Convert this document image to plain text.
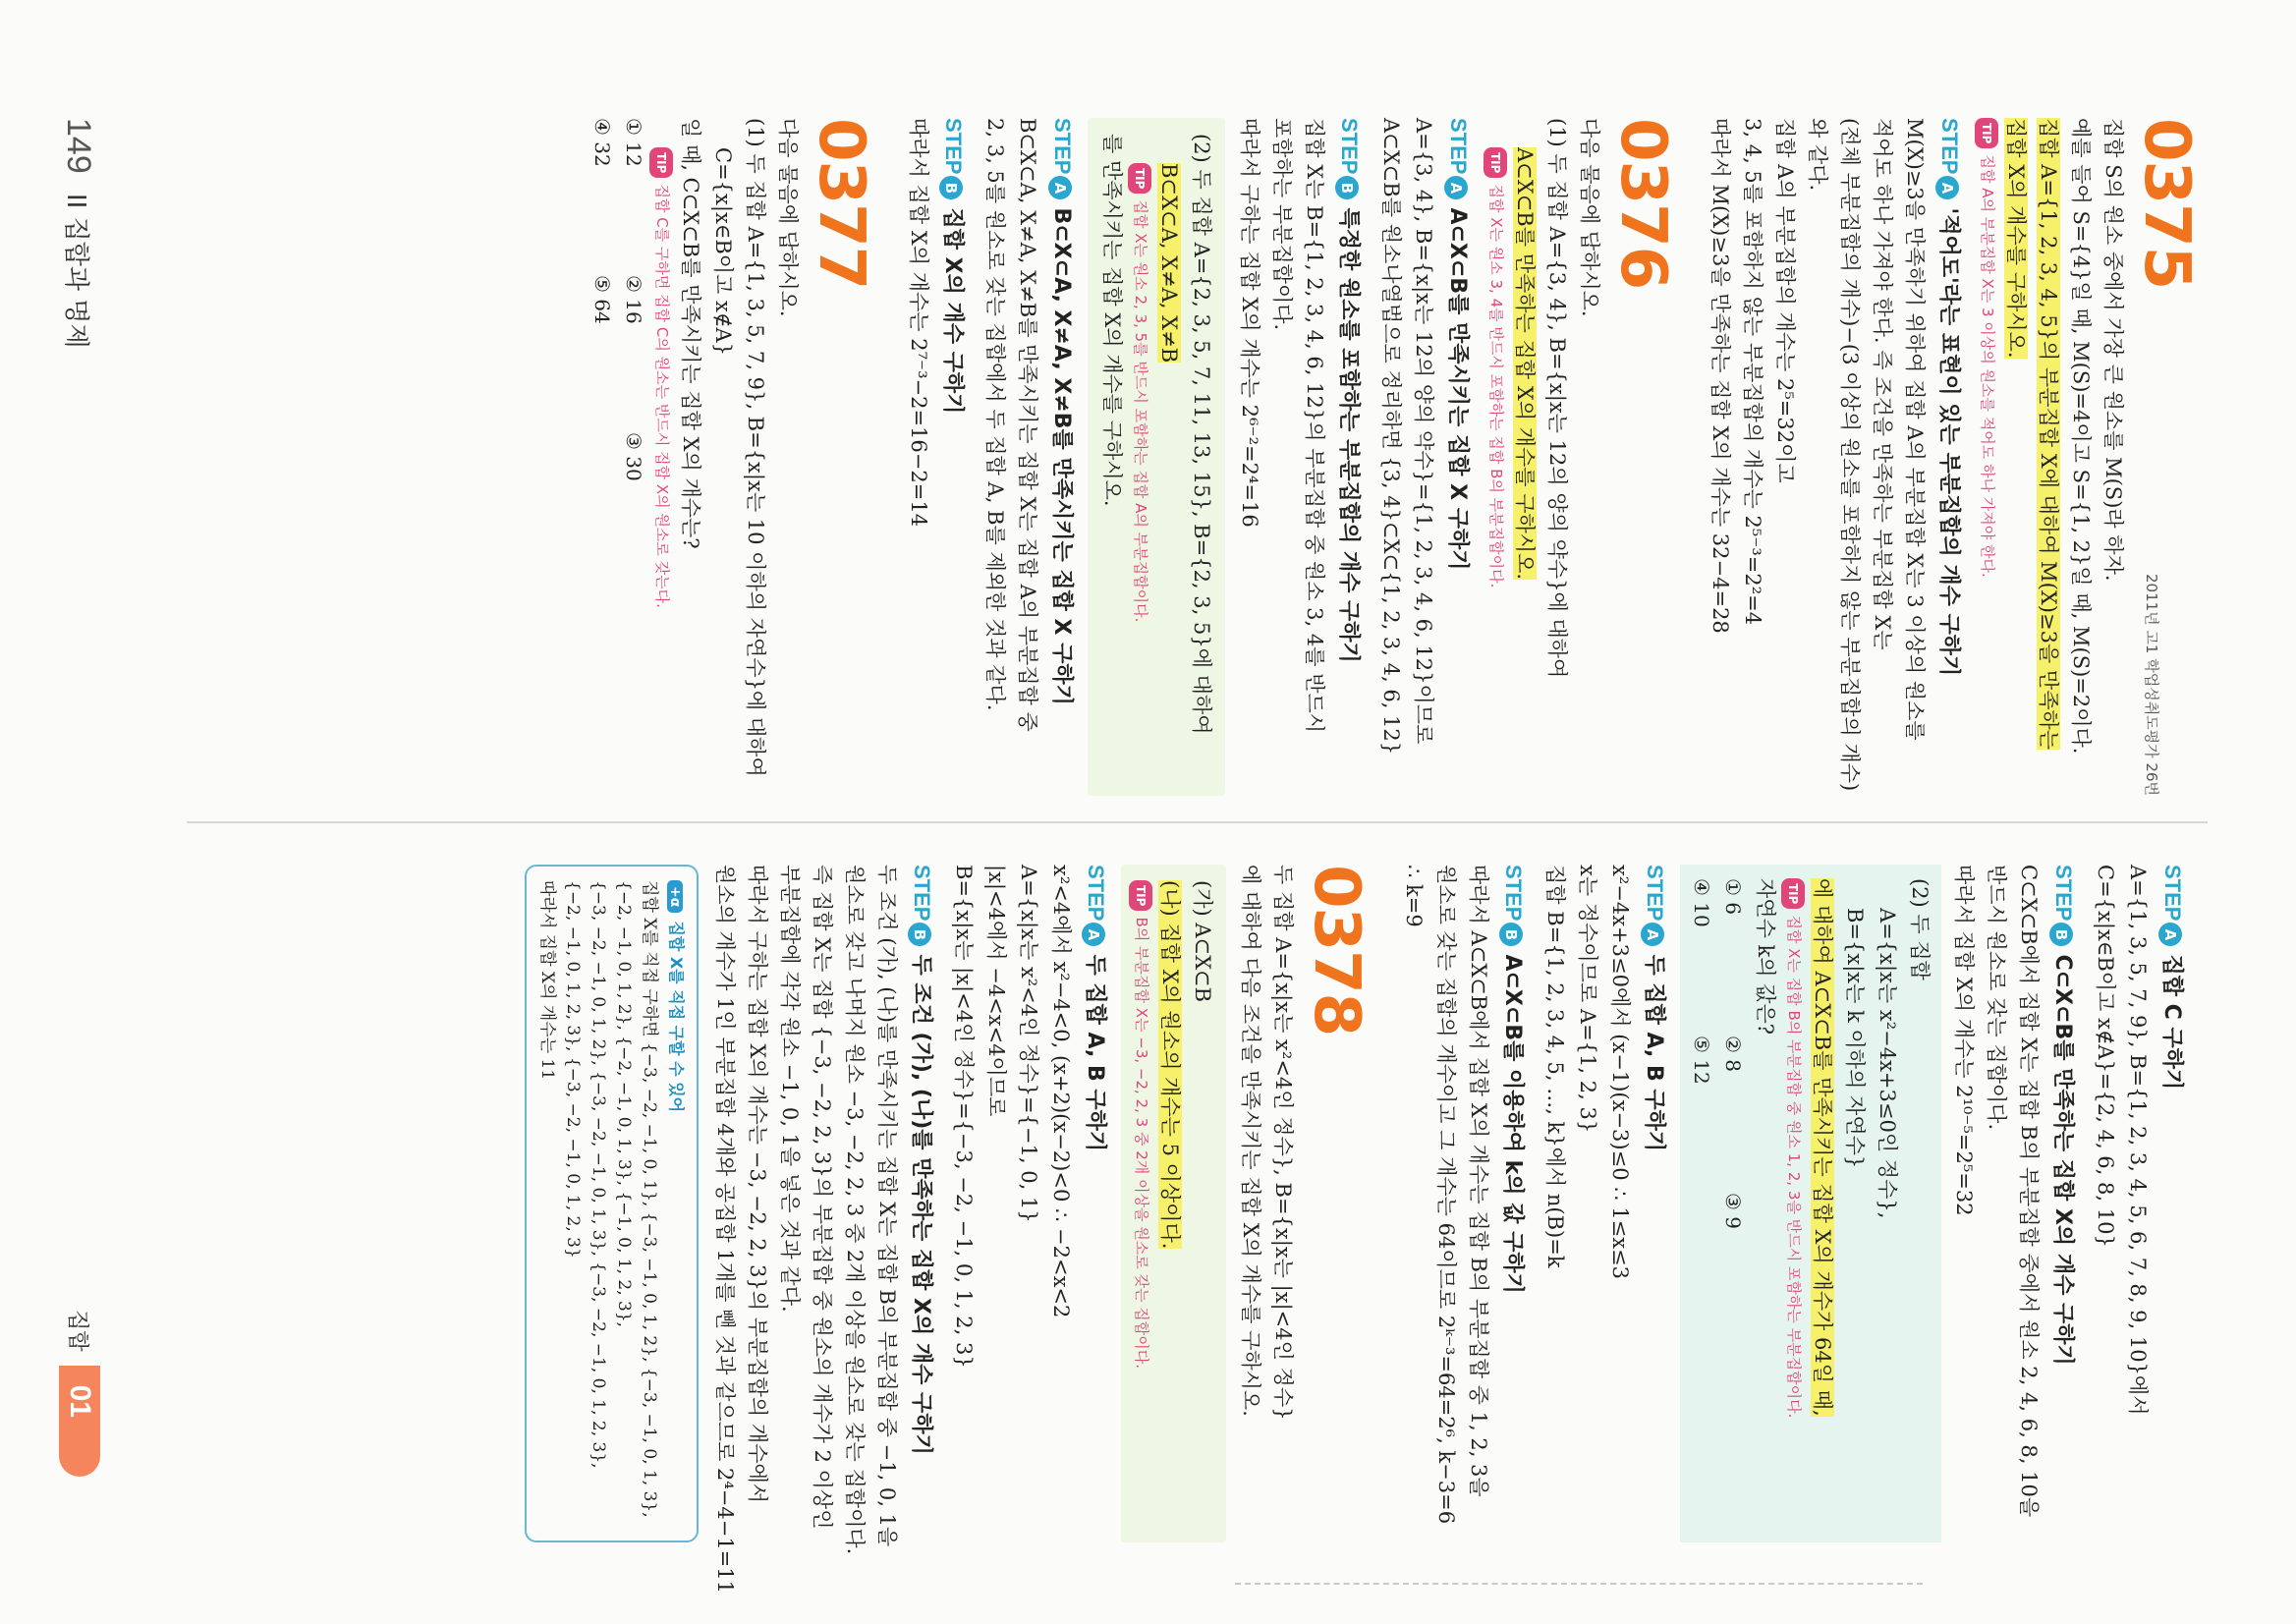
0375
2011년 고1 학업성취도평가 26번
집합 S의 원소 중에서 가장 큰 원소를 M(S)라 하자.
예를 들어 S={4}일 때, M(S)=4이고 S={1, 2}일 때, M(S)=2이다.
집합 A={1, 2, 3, 4, 5}의 부분집합 X에 대하여 M(X)≥3을 만족하는
집합 X의 개수를 구하시오.
TIP집합 A의 부분집합 X는 3 이상의 원소를 적어도 하나 가져야 한다.
STEPA'적어도'라는 표현이 있는 부분집합의 개수 구하기
M(X)≥3을 만족하기 위하여 집합 A의 부분집합 X는 3 이상의 원소를
적어도 하나 가져야 한다. 즉 조건을 만족하는 부분집합 X는
(전체 부분집합의 개수)−(3 이상의 원소를 포함하지 않는 부분집합의 개수)
와 같다.
집합 A의 부분집합의 개수는 2⁵=32이고
3, 4, 5를 포함하지 않는 부분집합의 개수는 2⁵⁻³=2²=4
따라서 M(X)≥3을 만족하는 집합 X의 개수는 32−4=28
0376
다음 물음에 답하시오.
(1) 두 집합 A={3, 4}, B={x|x는 12의 양의 약수}에 대하여
A⊂X⊂B를 만족하는 집합 X의 개수를 구하시오.
TIP집합 X는 원소 3, 4를 반드시 포함하는 집합 B의 부분집합이다.
STEPAA⊂X⊂B를 만족시키는 집합 X 구하기
A={3, 4}, B={x|x는 12의 양의 약수}={1, 2, 3, 4, 6, 12}이므로
A⊂X⊂B를 원소나열법으로 정리하면 {3, 4}⊂X⊂{1, 2, 3, 4, 6, 12}
STEPB특정한 원소를 포함하는 부분집합의 개수 구하기
집합 X는 B={1, 2, 3, 4, 6, 12}의 부분집합 중 원소 3, 4를 반드시
포함하는 부분집합이다.
따라서 구하는 집합 X의 개수는 2⁶⁻²=2⁴=16
(2) 두 집합 A={2, 3, 5, 7, 11, 13, 15}, B={2, 3, 5}에 대하여
B⊂X⊂A, X≠A, X≠B
TIP집합 X는 원소 2, 3, 5를 반드시 포함하는 집합 A의 부분집합이다.
를 만족시키는 집합 X의 개수를 구하시오.
STEPAB⊂X⊂A, X≠A, X≠B를 만족시키는 집합 X 구하기
B⊂X⊂A, X≠A, X≠B를 만족시키는 집합 X는 집합 A의 부분집합 중
2, 3, 5를 원소로 갖는 집합에서 두 집합 A, B를 제외한 것과 같다.
STEPB집합 X의 개수 구하기
따라서 집합 X의 개수는 2⁷⁻³−2=16−2=14
0377
다음 물음에 답하시오.
(1) 두 집합 A={1, 3, 5, 7, 9}, B={x|x는 10 이하의 자연수}에 대하여
C={x|x∈B이고 x∉A}
일 때, C⊂X⊂B를 만족시키는 집합 X의 개수는?
TIP집합 C를 구하면 집합 C의 원소는 반드시 집합 X의 원소로 갖는다.
① 12② 16③ 30
④ 32⑤ 64
STEPA집합 C 구하기
A={1, 3, 5, 7, 9}, B={1, 2, 3, 4, 5, 6, 7, 8, 9, 10}에서
C={x|x∈B이고 x∉A}={2, 4, 6, 8, 10}
STEPBC⊂X⊂B를 만족하는 집합 X의 개수 구하기
C⊂X⊂B에서 집합 X는 집합 B의 부분집합 중에서 원소 2, 4, 6, 8, 10을
반드시 원소로 갖는 집합이다.
따라서 집합 X의 개수는 2¹⁰⁻⁵=2⁵=32
(2) 두 집합
A={x|x는 x²−4x+3≤0인 정수},
B={x|x는 k 이하의 자연수}
에 대하여 A⊂X⊂B를 만족시키는 집합 X의 개수가 64일 때,
TIP집합 X는 집합 B의 부분집합 중 원소 1, 2, 3을 반드시 포함하는 부분집합이다.
자연수 k의 값은?
① 6② 8③ 9
④ 10⑤ 12
STEPA두 집합 A, B 구하기
x²−4x+3≤0에서 (x−1)(x−3)≤0 ∴ 1≤x≤3
x는 정수이므로 A={1, 2, 3}
집합 B={1, 2, 3, 4, 5, …, k}에서 n(B)=k
STEPBA⊂X⊂B를 이용하여 k의 값 구하기
따라서 A⊂X⊂B에서 집합 X의 개수는 집합 B의 부분집합 중 1, 2, 3을
원소로 갖는 집합의 개수이고 그 개수는 64이므로 2ᵏ⁻³=64=2⁶, k−3=6
∴ k=9
0378
두 집합 A={x|x는 x²<4인 정수}, B={x|x는 |x|<4인 정수}
에 대하여 다음 조건을 만족시키는 집합 X의 개수를 구하시오.
(가) A⊂X⊂B
(나) 집합 X의 원소의 개수는 5 이상이다.
TIPB의 부분집합 X는 −3, −2, 2, 3 중 2개 이상을 원소로 갖는 집합이다.
STEPA두 집합 A, B 구하기
x²<4에서 x²−4<0, (x+2)(x−2)<0 ∴ −2<x<2
A={x|x는 x²<4인 정수}={−1, 0, 1}
|x|<4에서 −4<x<4이므로
B={x|x는 |x|<4인 정수}={−3, −2, −1, 0, 1, 2, 3}
STEPB두 조건 (가), (나)를 만족하는 집합 X의 개수 구하기
두 조건 (가), (나)를 만족시키는 집합 X는 집합 B의 부분집합 중 −1, 0, 1을
원소로 갖고 나머지 원소 −3, −2, 2, 3 중 2개 이상을 원소로 갖는 집합이다.
즉 집합 X는 집합 {−3, −2, 2, 3}의 부분집합 중 원소의 개수가 2 이상인
부분집합에 각각 원소 −1, 0, 1을 넣은 것과 같다.
따라서 구하는 집합 X의 개수는 −3, −2, 2, 3}의 부분집합의 개수에서
원소의 개수가 1인 부분집합 4개와 공집합 1개를 뺀 것과 같으므로 2⁴−4−1=11
+α집합 X를 직접 구할 수 있어
집합 X를 직접 구하면 {−3, −2, −1, 0, 1}, {−3, −1, 0, 1, 2}, {−3, −1, 0, 1, 3},
{−2, −1, 0, 1, 2}, {−2, −1, 0, 1, 3}, {−1, 0, 1, 2, 3},
{−3, −2, −1, 0, 1, 2}, {−3, −2, −1, 0, 1, 3}, {−3, −2, −1, 0, 1, 2, 3},
{−2, −1, 0, 1, 2, 3}, {−3, −2, −1, 0, 1, 2, 3}
따라서 집합 X의 개수는 11
149 II 집합과 명제
집합
01
